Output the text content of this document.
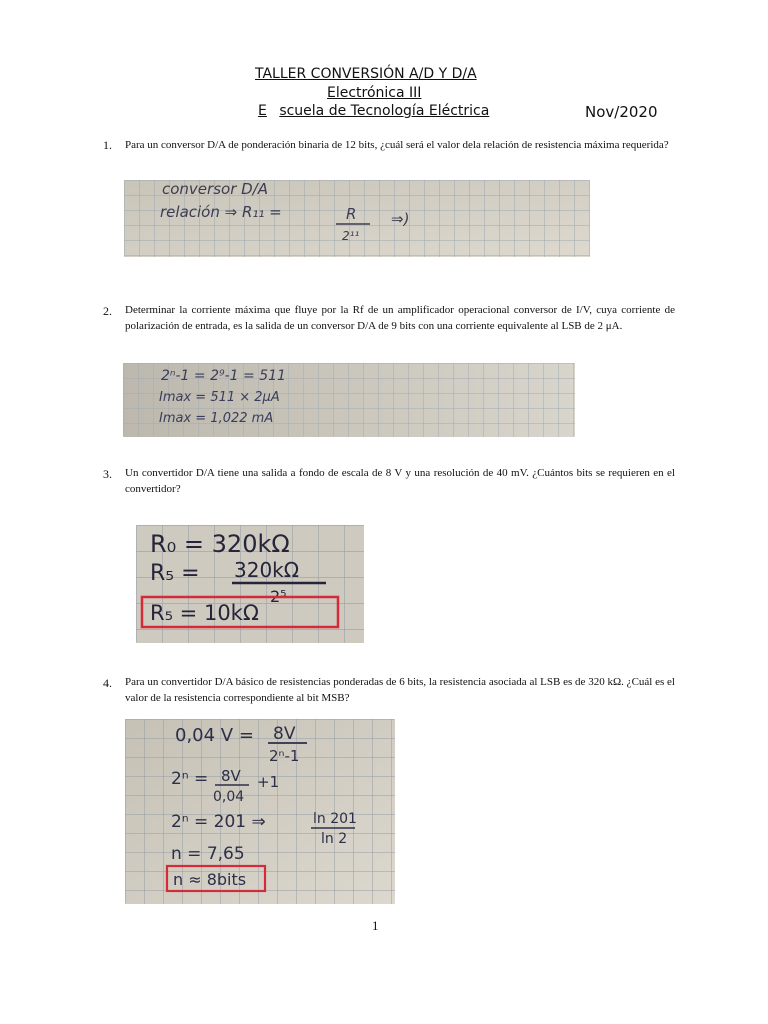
TALLER CONVERSIÓN A/D Y D/A
Electrónica III
E scuela de Tecnología Eléctrica	Nov/2020
1. Para un conversor D/A de ponderación binaria de 12 bits, ¿cuál será el valor dela relación de resistencia máxima requerida?
conversor D/A
relación ⇒ R₁₁ =	R
2¹¹
⇒)
2. Determinar la corriente máxima que fluye por la Rf de un amplificador operacional conversor de I/V, cuya corriente de polarización de entrada, es la salida de un conversor D/A de 9 bits con una corriente equivalente al LSB de 2 μA.
2ⁿ-1 = 2⁹-1 = 511
Imax = 511 × 2μA
Imax = 1,022 mA
3. Un convertidor D/A tiene una salida a fondo de escala de 8 V y una resolución de 40 mV. ¿Cuántos bits se requieren en el convertidor?
R₀ = 320kΩ
R₅ = 320kΩ
2⁵
R₅ = 10kΩ
4. Para un convertidor D/A básico de resistencias ponderadas de 6 bits, la resistencia asociada al LSB es de 320 kΩ. ¿Cuál es el valor de la resistencia correspondiente al bit MSB?
0,04 V = 8V
2ⁿ-1
2ⁿ = 8V
0,04
+1
2ⁿ = 201 ⇒	ln 201
ln 2
n = 7,65
n ≈ 8bits
1
